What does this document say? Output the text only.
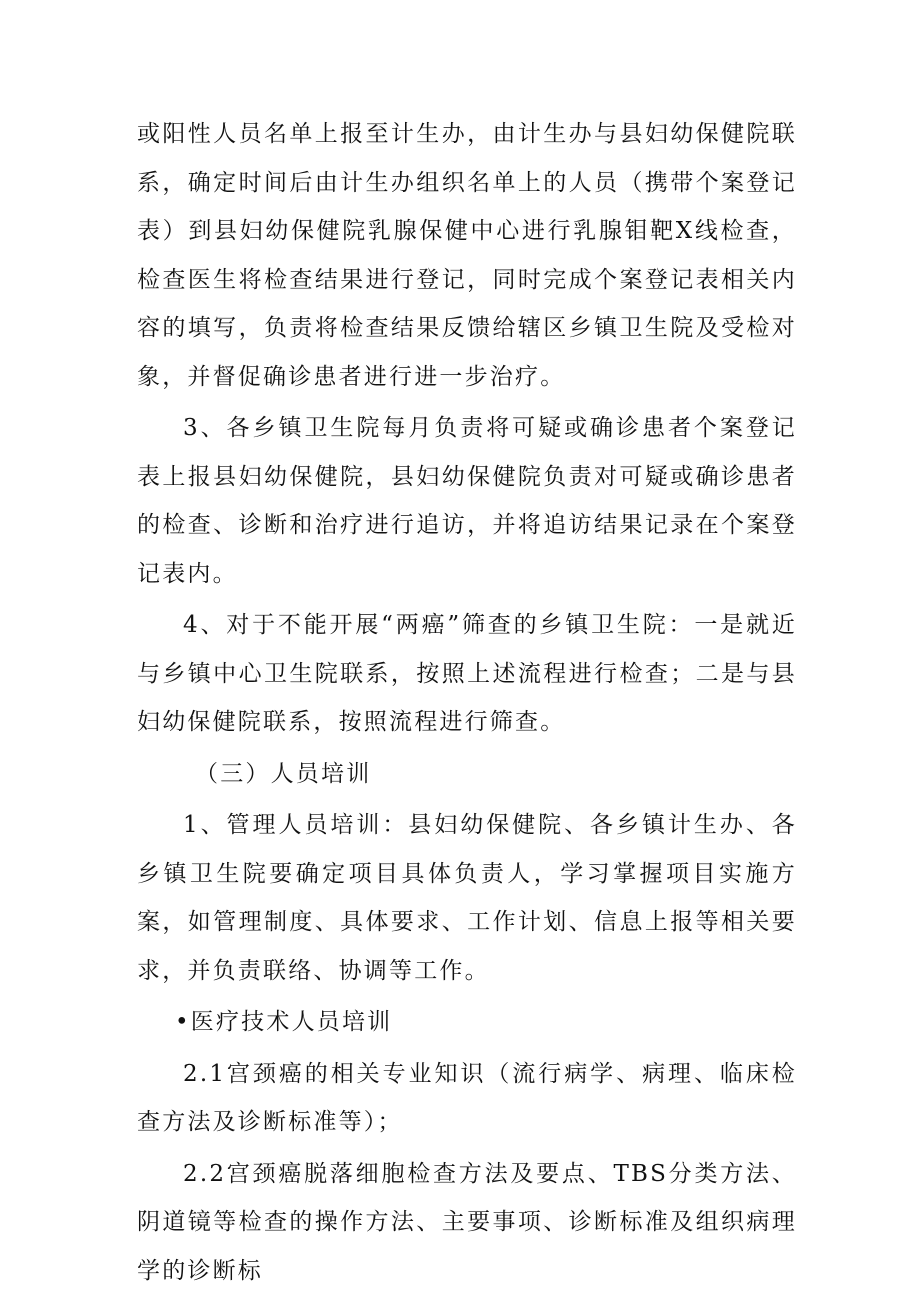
或阳性人员名单上报至计生办，由计生办与县妇幼保健院联系，确定时间后由计生办组织名单上的人员（携带个案登记表）到县妇幼保健院乳腺保健中心进行乳腺钼靶X线检查，检查医生将检查结果进行登记，同时完成个案登记表相关内容的填写，负责将检查结果反馈给辖区乡镇卫生院及受检对象，并督促确诊患者进行进一步治疗。

3、各乡镇卫生院每月负责将可疑或确诊患者个案登记表上报县妇幼保健院，县妇幼保健院负责对可疑或确诊患者的检查、诊断和治疗进行追访，并将追访结果记录在个案登记表内。

4、对于不能开展“两癌”筛查的乡镇卫生院：一是就近与乡镇中心卫生院联系，按照上述流程进行检查；二是与县妇幼保健院联系，按照流程进行筛查。

（三）人员培训

1、管理人员培训：县妇幼保健院、各乡镇计生办、各乡镇卫生院要确定项目具体负责人，学习掌握项目实施方案，如管理制度、具体要求、工作计划、信息上报等相关要求，并负责联络、协调等工作。

•医疗技术人员培训

2.1宫颈癌的相关专业知识（流行病学、病理、临床检查方法及诊断标准等）；

2.2宫颈癌脱落细胞检查方法及要点、TBS分类方法、阴道镜等检查的操作方法、主要事项、诊断标准及组织病理学的诊断标
